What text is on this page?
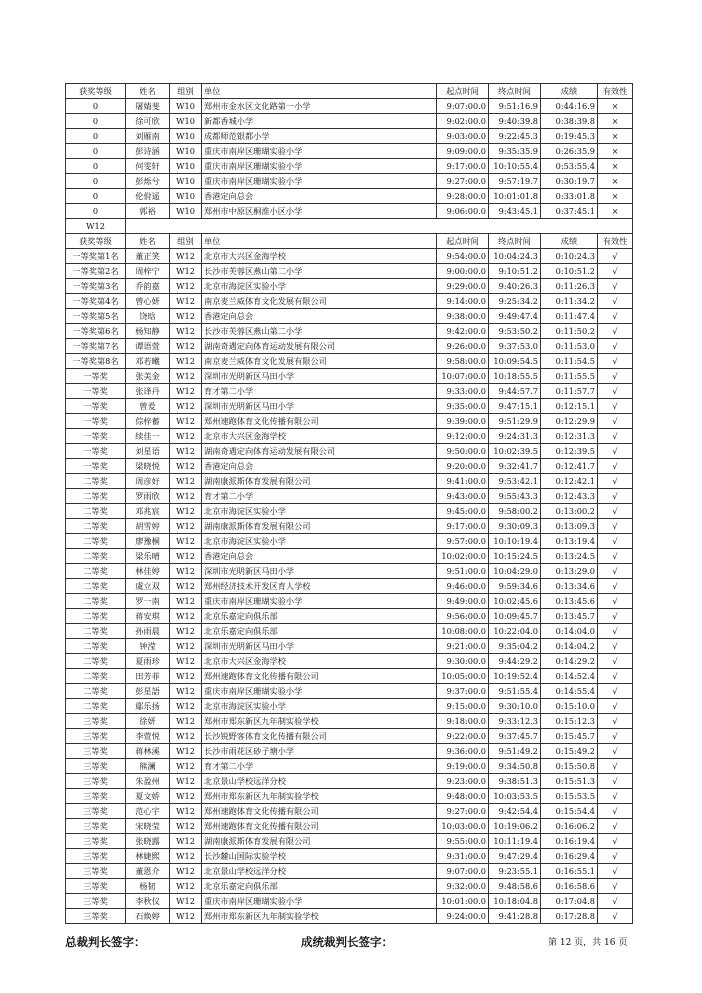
获奖等级	姓名	组别	单位	起点时间	终点时间	成绩	有效性
0	屠婧斐	W10	郑州市金水区文化路第一小学	9:07:00.0	9:51:16.9	0:44:16.9	×
0	徐可欣	W10	新都香城小学	9:02:00.0	9:40:39.8	0:38:39.8	×
0	刘雁南	W10	成都师范银都小学	9:03:00.0	9:22:45.3	0:19:45.3	×
0	彭诗涵	W10	重庆市南岸区珊瑚实验小学	9:09:00.0	9:35:35.9	0:26:35.9	×
0	何雯轩	W10	重庆市南岸区珊瑚实验小学	9:17:00.0	10:10:55.4	0:53:55.4	×
0	彭烁兮	W10	重庆市南岸区珊瑚实验小学	9:27:00.0	9:57:19.7	0:30:19.7	×
0	伦佾遥	W10	香港定向总会	9:28:00.0	10:01:01.8	0:33:01.8	×
0	郭裕	W10	郑州市中原区桐淮小区小学	9:06:00.0	9:43:45.1	0:37:45.1	×
W12							
获奖等级	姓名	组别	单位	起点时间	终点时间	成绩	有效性
一等奖第1名	董正笑	W12	北京市大兴区金海学校	9:54:00.0	10:04:24.3	0:10:24.3	√
一等奖第2名	周梓宁	W12	长沙市芙蓉区燕山第二小学	9:00:00.0	9:10:51.2	0:10:51.2	√
一等奖第3名	乔韵嘉	W12	北京市海淀区实验小学	9:29:00.0	9:40:26.3	0:11:26.3	√
一等奖第4名	曾心妍	W12	南京麦兰威体育文化发展有限公司	9:14:00.0	9:25:34.2	0:11:34.2	√
一等奖第5名	饶晗	W12	香港定向总会	9:38:00.0	9:49:47.4	0:11:47.4	√
一等奖第6名	杨知静	W12	长沙市芙蓉区燕山第二小学	9:42:00.0	9:53:50.2	0:11:50.2	√
一等奖第7名	谭语萱	W12	湖南奇遇定向体育运动发展有限公司	9:26:00.0	9:37:53.0	0:11:53.0	√
一等奖第8名	邓若曦	W12	南京麦兰威体育文化发展有限公司	9:58:00.0	10:09:54.5	0:11:54.5	√
一等奖	张美金	W12	深圳市光明新区马田小学	10:07:00.0	10:18:55.5	0:11:55.5	√
一等奖	张译丹	W12	育才第二小学	9:33:00.0	9:44:57.7	0:11:57.7	√
一等奖	曾爰	W12	深圳市光明新区马田小学	9:35:00.0	9:47:15.1	0:12:15.1	√
一等奖	倧梓蓄	W12	郑州速跑体育文化传播有限公司	9:39:00.0	9:51:29.9	0:12:29.9	√
一等奖	续佳一	W12	北京市大兴区金海学校	9:12:00.0	9:24:31.3	0:12:31.3	√
一等奖	刘星语	W12	湖南奇遇定向体育运动发展有限公司	9:50:00.0	10:02:39.5	0:12:39.5	√
一等奖	梁晓悦	W12	香港定向总会	9:20:00.0	9:32:41.7	0:12:41.7	√
二等奖	周彦好	W12	湖南康派斯体育发展有限公司	9:41:00.0	9:53:42.1	0:12:42.1	√
二等奖	罗雨欣	W12	育才第二小学	9:43:00.0	9:55:43.3	0:12:43.3	√
二等奖	邓兆宸	W12	北京市海淀区实验小学	9:45:00.0	9:58:00.2	0:13:00.2	√
二等奖	胡雪婷	W12	湖南康派斯体育发展有限公司	9:17:00.0	9:30:09.3	0:13:09.3	√
二等奖	廖豫桐	W12	北京市海淀区实验小学	9:57:00.0	10:10:19.4	0:13:19.4	√
二等奖	梁乐晴	W12	香港定向总会	10:02:00.0	10:15:24.5	0:13:24.5	√
二等奖	林佳婷	W12	深圳市光明新区马田小学	9:51:00.0	10:04:29.0	0:13:29.0	√
二等奖	虞立双	W12	郑州经济技术开发区育人学校	9:46:00.0	9:59:34.6	0:13:34.6	√
二等奖	罗一南	W12	重庆市南岸区珊瑚实验小学	9:49:00.0	10:02:45.6	0:13:45.6	√
二等奖	蒋安琪	W12	北京乐嘉定向俱乐部	9:56:00.0	10:09:45.7	0:13:45.7	√
二等奖	孙雨晨	W12	北京乐嘉定向俱乐部	10:08:00.0	10:22:04.0	0:14:04.0	√
二等奖	钟滢	W12	深圳市光明新区马田小学	9:21:00.0	9:35:04.2	0:14:04.2	√
二等奖	夏雨珍	W12	北京市大兴区金海学校	9:30:00.0	9:44:29.2	0:14:29.2	√
二等奖	田芳菲	W12	郑州速跑体育文化传播有限公司	10:05:00.0	10:19:52.4	0:14:52.4	√
二等奖	彭星語	W12	重庆市南岸区珊瑚实验小学	9:37:00.0	9:51:55.4	0:14:55.4	√
二等奖	鄢乐扬	W12	北京市海淀区实验小学	9:15:00.0	9:30:10.0	0:15:10.0	√
三等奖	徐妍	W12	郑州市郑东新区九年制实验学校	9:18:00.0	9:33:12.3	0:15:12.3	√
三等奖	李萱悦	W12	长沙锐野客体育文化传播有限公司	9:22:00.0	9:37:45.7	0:15:45.7	√
三等奖	蒋林溪	W12	长沙市雨花区砂子塘小学	9:36:00.0	9:51:49.2	0:15:49.2	√
三等奖	熊澜	W12	育才第二小学	9:19:00.0	9:34:50.8	0:15:50.8	√
三等奖	朱盈州	W12	北京景山学校远洋分校	9:23:00.0	9:38:51.3	0:15:51.3	√
三等奖	夏文娇	W12	郑州市郑东新区九年制实验学校	9:48:00.0	10:03:53.5	0:15:53.5	√
三等奖	范心宇	W12	郑州速跑体育文化传播有限公司	9:27:00.0	9:42:54.4	0:15:54.4	√
三等奖	宋晓莹	W12	郑州速跑体育文化传播有限公司	10:03:00.0	10:19:06.2	0:16:06.2	√
三等奖	张晓露	W12	湖南康派斯体育发展有限公司	9:55:00.0	10:11:19.4	0:16:19.4	√
三等奖	林婕熙	W12	长沙麓山国际实验学校	9:31:00.0	9:47:29.4	0:16:29.4	√
三等奖	董恩介	W12	北京景山学校远洋分校	9:07:00.0	9:23:55.1	0:16:55.1	√
三等奖	杨韧	W12	北京乐嘉定向俱乐部	9:32:00.0	9:48:58.6	0:16:58.6	√
三等奖	李秋仪	W12	重庆市南岸区珊瑚实验小学	10:01:00.0	10:18:04.8	0:17:04.8	√
三等奖	石焕婷	W12	郑州市郑东新区九年制实验学校	9:24:00.0	9:41:28.8	0:17:28.8	√
总裁判长签字：	成统裁判长签字：	第 12 页，共 16 页
